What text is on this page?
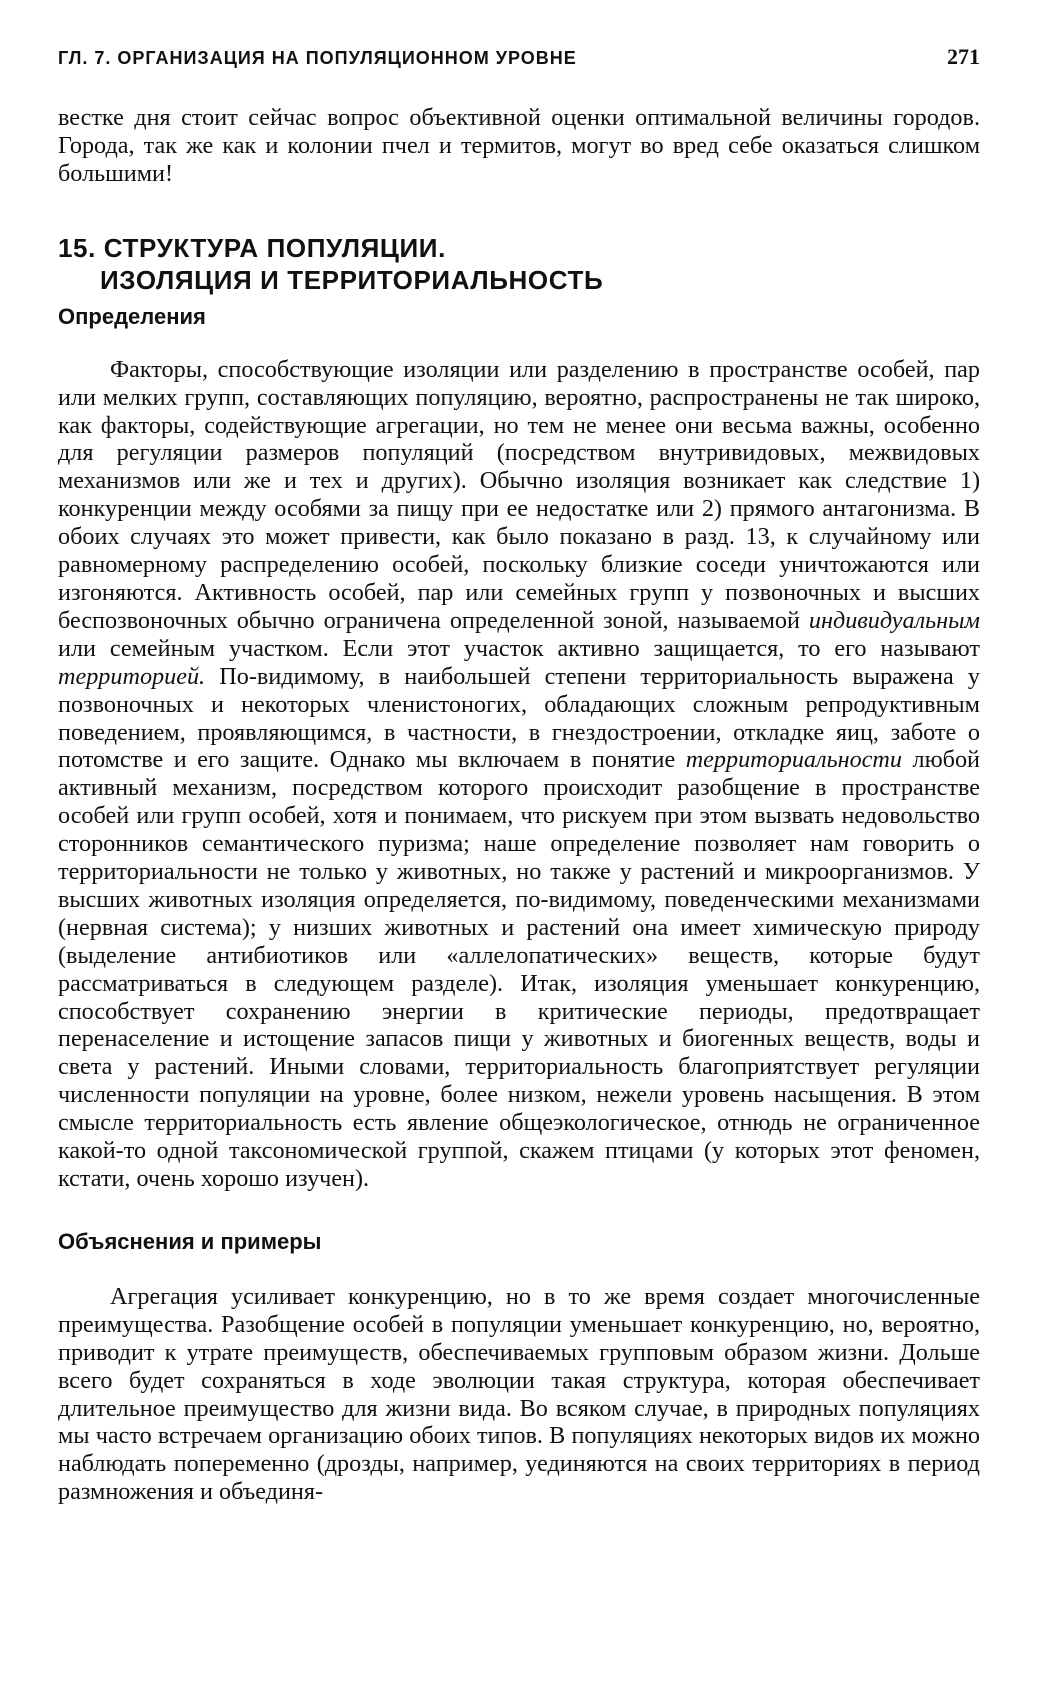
ГЛ. 7. ОРГАНИЗАЦИЯ НА ПОПУЛЯЦИОННОМ УРОВНЕ	271

вестке дня стоит сейчас вопрос объективной оценки оптимальной величины городов. Города, так же как и колонии пчел и термитов, могут во вред себе оказаться слишком большими!

15. СТРУКТУРА ПОПУЛЯЦИИ.
ИЗОЛЯЦИЯ И ТЕРРИТОРИАЛЬНОСТЬ
Определения

Факторы, способствующие изоляции или разделению в пространстве особей, пар или мелких групп, составляющих популяцию, вероятно, распространены не так широко, как факторы, содействующие агрегации, но тем не менее они весьма важны, особенно для регуляции размеров популяций (посредством внутривидовых, межвидовых механизмов или же и тех и других). Обычно изоляция возникает как следствие 1) конкуренции между особями за пищу при ее недостатке или 2) прямого антагонизма. В обоих случаях это может привести, как было показано в разд. 13, к случайному или равномерному распределению особей, поскольку близкие соседи уничтожаются или изгоняются. Активность особей, пар или семейных групп у позвоночных и высших беспозвоночных обычно ограничена определенной зоной, называемой индивидуальным или семейным участком. Если этот участок активно защищается, то его называют территорией. По-видимому, в наибольшей степени территориальность выражена у позвоночных и некоторых членистоногих, обладающих сложным репродуктивным поведением, проявляющимся, в частности, в гнездостроении, откладке яиц, заботе о потомстве и его защите. Однако мы включаем в понятие территориальности любой активный механизм, посредством которого происходит разобщение в пространстве особей или групп особей, хотя и понимаем, что рискуем при этом вызвать недовольство сторонников семантического пуризма; наше определение позволяет нам говорить о территориальности не только у животных, но также у растений и микроорганизмов. У высших животных изоляция определяется, по-видимому, поведенческими механизмами (нервная система); у низших животных и растений она имеет химическую природу (выделение антибиотиков или «аллелопатических» веществ, которые будут рассматриваться в следующем разделе). Итак, изоляция уменьшает конкуренцию, способствует сохранению энергии в критические периоды, предотвращает перенаселение и истощение запасов пищи у животных и биогенных веществ, воды и света у растений. Иными словами, территориальность благоприятствует регуляции численности популяции на уровне, более низком, нежели уровень насыщения. В этом смысле территориальность есть явление общеэкологическое, отнюдь не ограниченное какой-то одной таксономической группой, скажем птицами (у которых этот феномен, кстати, очень хорошо изучен).

Объяснения и примеры

Агрегация усиливает конкуренцию, но в то же время создает многочисленные преимущества. Разобщение особей в популяции уменьшает конкуренцию, но, вероятно, приводит к утрате преимуществ, обеспечиваемых групповым образом жизни. Дольше всего будет сохраняться в ходе эволюции такая структура, которая обеспечивает длительное преимущество для жизни вида. Во всяком случае, в природных популяциях мы часто встречаем организацию обоих типов. В популяциях некоторых видов их можно наблюдать попеременно (дрозды, например, уединяются на своих территориях в период размножения и объединя-
